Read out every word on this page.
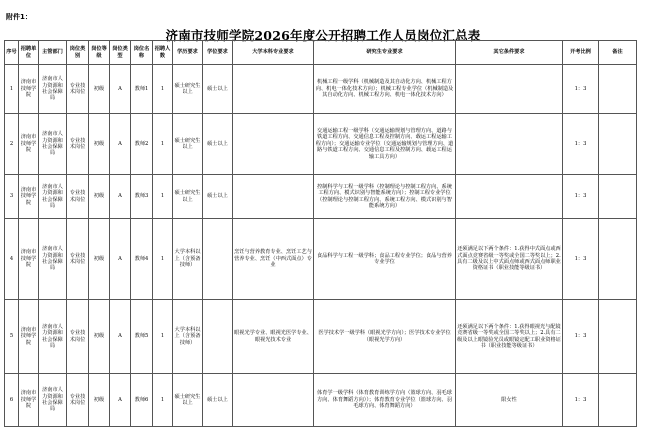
附件1：
济南市技师学院2026年度公开招聘工作人员岗位汇总表
序号	招聘单位	主管部门	岗位类别	岗位等级	岗位类型	岗位名称	招聘人数	学历要求	学位要求	大学本科专业要求	研究生专业要求	其它条件要求	开考比例	备注
1	济南市技师学院	济南市人力资源和社会保障局	专业技术岗位	初级	A	教师1	1	硕士研究生以上	硕士以上		机械工程一级学科（机械制造及其自动化方向、机械工程方向、机电一体化技术方向）；机械工程专业学位（机械制造及其自动化方向、机械工程方向、机电一体化技术方向）		1：3	
2	济南市技师学院	济南市人力资源和社会保障局	专业技术岗位	初级	A	教师2	1	硕士研究生以上	硕士以上		交通运输工程一级学科（交通运输规划与管理方向、道路与铁道工程方向、交通信息工程及控制方向、载运工程运输工程方向）；交通运输专业学位（交通运输规划与管理方向、道路与铁道工程方向、交通信息工程及控制方向、载运工程运输工具方向）		1：3	
3	济南市技师学院	济南市人力资源和社会保障局	专业技术岗位	初级	A	教师3	1	硕士研究生以上	硕士以上		控制科学与工程一级学科（控制理论与控制工程方向、系统工程方向、模式识别与智能系统方向）；控制工程专业学位（控制理论与控制工程方向、系统工程方向、模式识别与智能系统方向）		1：3	
4	济南市技师学院	济南市人力资源和社会保障局	专业技术岗位	初级	A	教师4	1	大学本科以上（含预备技师）		烹饪与营养教育专业、烹饪工艺与营养专业、烹饪（中西式面点）专业	食品科学与工程一级学科；食品工程专业学位；食品与营养专业学位	还须满足以下两个条件：1.获得中式面点或西式面点竞赛省级一等奖或全国二等奖以上；2.具有二级及以上中式面点师或西式面点师职业资格证书（职业技能等级证书）	1：3	
5	济南市技师学院	济南市人力资源和社会保障局	专业技术岗位	初级	A	教师5	1	大学本科以上（含预备技师）		眼视光学专业、眼视光医学专业、眼视光技术专业	医学技术学一级学科（眼视光学方向）；医学技术专业学位（眼视光学方向）	还须满足以下两个条件：1.获得眼视光与配镜竞赛省级一等奖或全国二等奖以上；2.具有二级及以上眼镜验光员或眼镜定配工职业资格证书（职业技能等级证书）	1：3	
6	济南市技师学院	济南市人力资源和社会保障局	专业技术岗位	初级	A	教师6	1	硕士研究生以上	硕士以上		体育学一级学科（体育教育训练学方向（篮球方向、羽毛球方向、体育舞蹈方向））；体育教育专业学位（篮球方向、羽毛球方向、体育舞蹈方向）	限女性	1：3	
